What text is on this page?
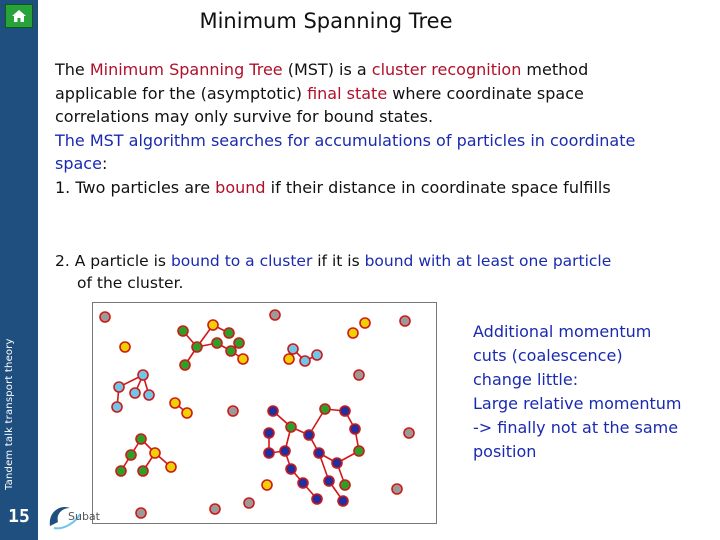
Tandem talk transport theory
15
Minimum Spanning Tree
The Minimum Spanning Tree (MST) is a cluster recognition method
applicable for the (asymptotic) final state where coordinate space
correlations may only survive for bound states.
The MST algorithm searches for accumulations of particles in coordinate
space:
1. Two particles are bound if their distance in coordinate space fulfills
2. A particle is bound to a cluster if it is bound with at least one particle
of the cluster.
Subat
Additional momentum
cuts (coalescence)
change little:
Large relative momentum
-> finally not at the same
position
